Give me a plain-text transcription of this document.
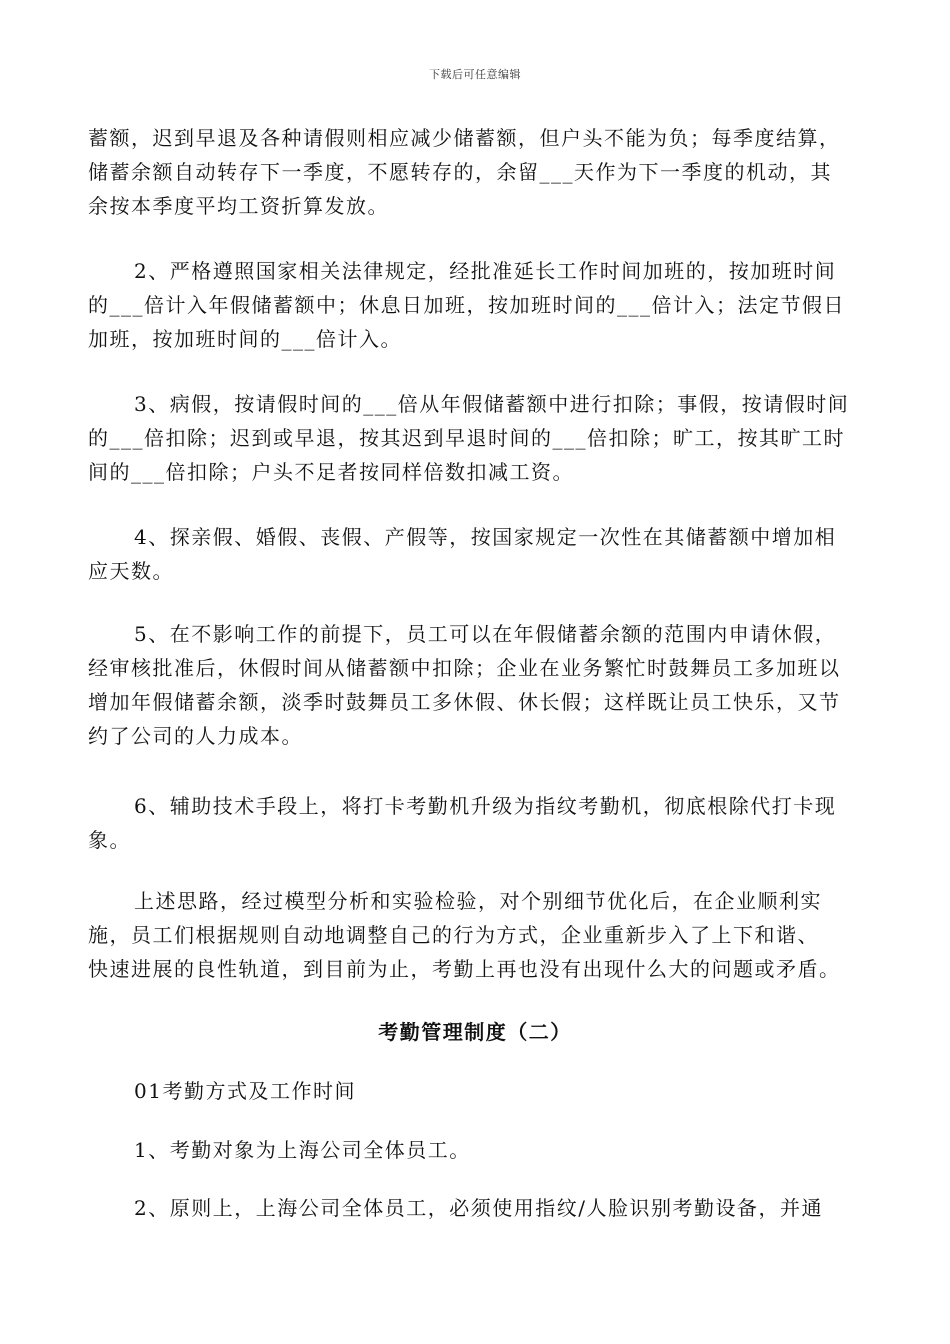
下载后可任意编辑
蓄额，迟到早退及各种请假则相应减少储蓄额，但户头不能为负；每季度结算，
储蓄余额自动转存下一季度，不愿转存的，余留___天作为下一季度的机动，其
余按本季度平均工资折算发放。
2、严格遵照国家相关法律规定，经批准延长工作时间加班的，按加班时间
的___倍计入年假储蓄额中；休息日加班，按加班时间的___倍计入；法定节假日
加班，按加班时间的___倍计入。
3、病假，按请假时间的___倍从年假储蓄额中进行扣除；事假，按请假时间
的___倍扣除；迟到或早退，按其迟到早退时间的___倍扣除；旷工，按其旷工时
间的___倍扣除；户头不足者按同样倍数扣减工资。
4、探亲假、婚假、丧假、产假等，按国家规定一次性在其储蓄额中增加相
应天数。
5、在不影响工作的前提下，员工可以在年假储蓄余额的范围内申请休假，
经审核批准后，休假时间从储蓄额中扣除；企业在业务繁忙时鼓舞员工多加班以
增加年假储蓄余额，淡季时鼓舞员工多休假、休长假；这样既让员工快乐，又节
约了公司的人力成本。
6、辅助技术手段上，将打卡考勤机升级为指纹考勤机，彻底根除代打卡现
象。
上述思路，经过模型分析和实验检验，对个别细节优化后，在企业顺利实
施，员工们根据规则自动地调整自己的行为方式，企业重新步入了上下和谐、
快速进展的良性轨道，到目前为止，考勤上再也没有出现什么大的问题或矛盾。
考勤管理制度（二）
01考勤方式及工作时间
1、考勤对象为上海公司全体员工。
2、原则上，上海公司全体员工，必须使用指纹/人脸识别考勤设备，并通
